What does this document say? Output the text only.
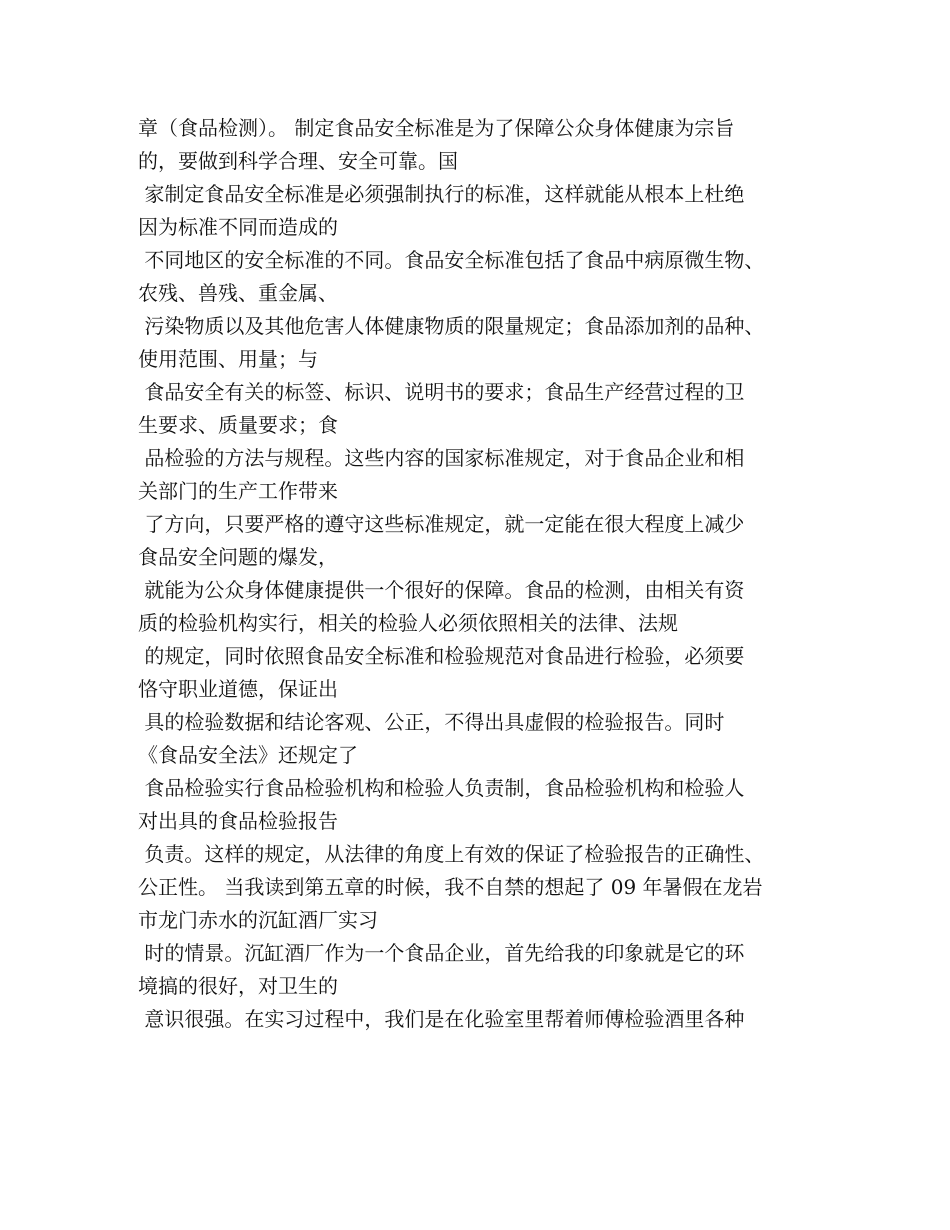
章（食品检测）。 制定食品安全标准是为了保障公众身体健康为宗旨
的，要做到科学合理、安全可靠。国
家制定食品安全标准是必须强制执行的标准，这样就能从根本上杜绝
因为标准不同而造成的
不同地区的安全标准的不同。食品安全标准包括了食品中病原微生物、
农残、兽残、重金属、
污染物质以及其他危害人体健康物质的限量规定；食品添加剂的品种、
使用范围、用量；与
食品安全有关的标签、标识、说明书的要求；食品生产经营过程的卫
生要求、质量要求；食
品检验的方法与规程。这些内容的国家标准规定，对于食品企业和相
关部门的生产工作带来
了方向，只要严格的遵守这些标准规定，就一定能在很大程度上减少
食品安全问题的爆发，
就能为公众身体健康提供一个很好的保障。食品的检测，由相关有资
质的检验机构实行，相关的检验人必须依照相关的法律、法规
的规定，同时依照食品安全标准和检验规范对食品进行检验，必须要
恪守职业道德，保证出
具的检验数据和结论客观、公正，不得出具虚假的检验报告。同时
《食品安全法》还规定了
食品检验实行食品检验机构和检验人负责制，食品检验机构和检验人
对出具的食品检验报告
负责。这样的规定，从法律的角度上有效的保证了检验报告的正确性、
公正性。 当我读到第五章的时候，我不自禁的想起了 09 年暑假在龙岩
市龙门赤水的沉缸酒厂实习
时的情景。沉缸酒厂作为一个食品企业，首先给我的印象就是它的环
境搞的很好，对卫生的
意识很强。在实习过程中，我们是在化验室里帮着师傅检验酒里各种
